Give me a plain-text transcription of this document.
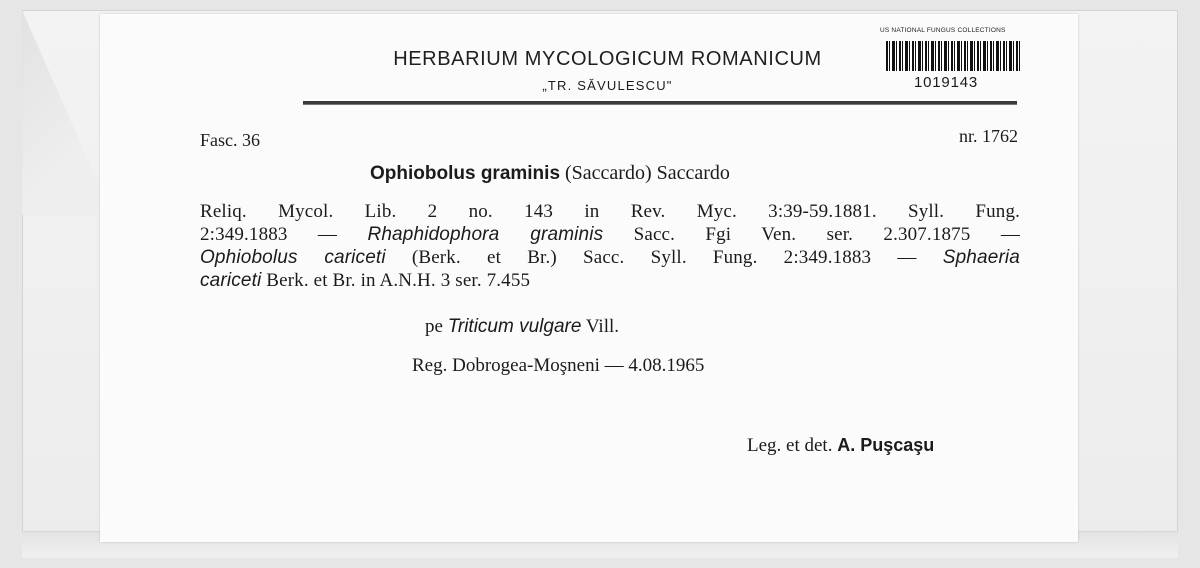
HERBARIUM MYCOLOGICUM ROMANICUM
„TR. SĂVULESCU"
US NATIONAL FUNGUS COLLECTIONS
1019143
Fasc. 36	nr. 1762
Ophiobolus graminis (Saccardo) Saccardo
Reliq. Mycol. Lib. 2 no. 143 in Rev. Myc. 3:39-59.1881. Syll. Fung.
2:349.1883 — Rhaphidophora graminis Sacc. Fgi Ven. ser. 2.307.1875 —
Ophiobolus cariceti (Berk. et Br.) Sacc. Syll. Fung. 2:349.1883 — Sphaeria
cariceti Berk. et Br. in A.N.H. 3 ser. 7.455
pe Triticum vulgare Vill.
Reg. Dobrogea-Moşneni — 4.08.1965
Leg. et det. A. Puşcaşu
